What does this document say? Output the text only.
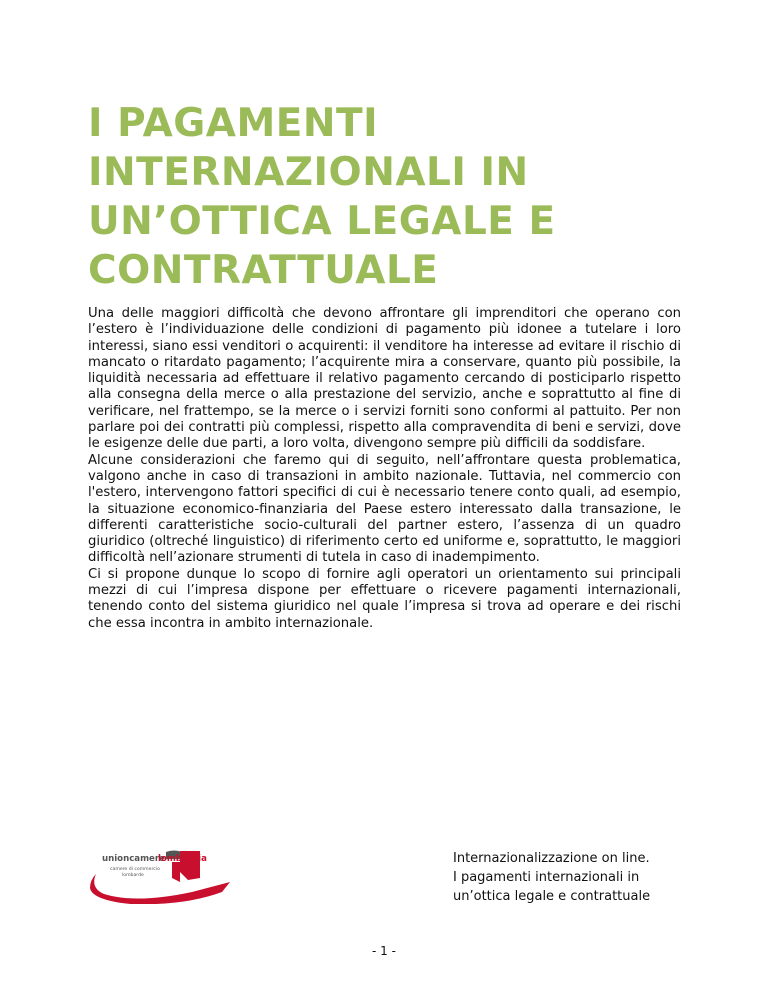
I PAGAMENTI
INTERNAZIONALI IN
UN’OTTICA LEGALE E
CONTRATTUALE

Una delle maggiori difficoltà che devono affrontare gli imprenditori che operano con l’estero è l’individuazione delle condizioni di pagamento più idonee a tutelare i loro interessi, siano essi venditori o acquirenti: il venditore ha interesse ad evitare il rischio di mancato o ritardato pagamento; l’acquirente mira a conservare, quanto più possibile, la liquidità necessaria ad effettuare il relativo pagamento cercando di posticiparlo rispetto alla consegna della merce o alla prestazione del servizio, anche e soprattutto al fine di verificare, nel frattempo, se la merce o i servizi forniti sono conformi al pattuito. Per non parlare poi dei contratti più complessi, rispetto alla compravendita di beni e servizi, dove le esigenze delle due parti, a loro volta, divengono sempre più difficili da soddisfare.

Alcune considerazioni che faremo qui di seguito, nell’affrontare questa problematica, valgono anche in caso di transazioni in ambito nazionale. Tuttavia, nel commercio con l'estero, intervengono fattori specifici di cui è necessario tenere conto quali, ad esempio, la situazione economico-finanziaria del Paese estero interessato dalla transazione, le differenti caratteristiche socio-culturali del partner estero, l’assenza di un quadro giuridico (oltreché linguistico) di riferimento certo ed uniforme e, soprattutto, le maggiori difficoltà nell’azionare strumenti di tutela in caso di inadempimento.

Ci si propone dunque lo scopo di fornire agli operatori un orientamento sui principali mezzi di cui l’impresa dispone per effettuare o ricevere pagamenti internazionali, tenendo conto del sistema giuridico nel quale l’impresa si trova ad operare e dei rischi che essa incontra in ambito internazionale.

unioncamere
lombardia
camere di commercio
lombarde
Internazionalizzazione on line.
I pagamenti internazionali in
un’ottica legale e contrattuale
- 1 -
